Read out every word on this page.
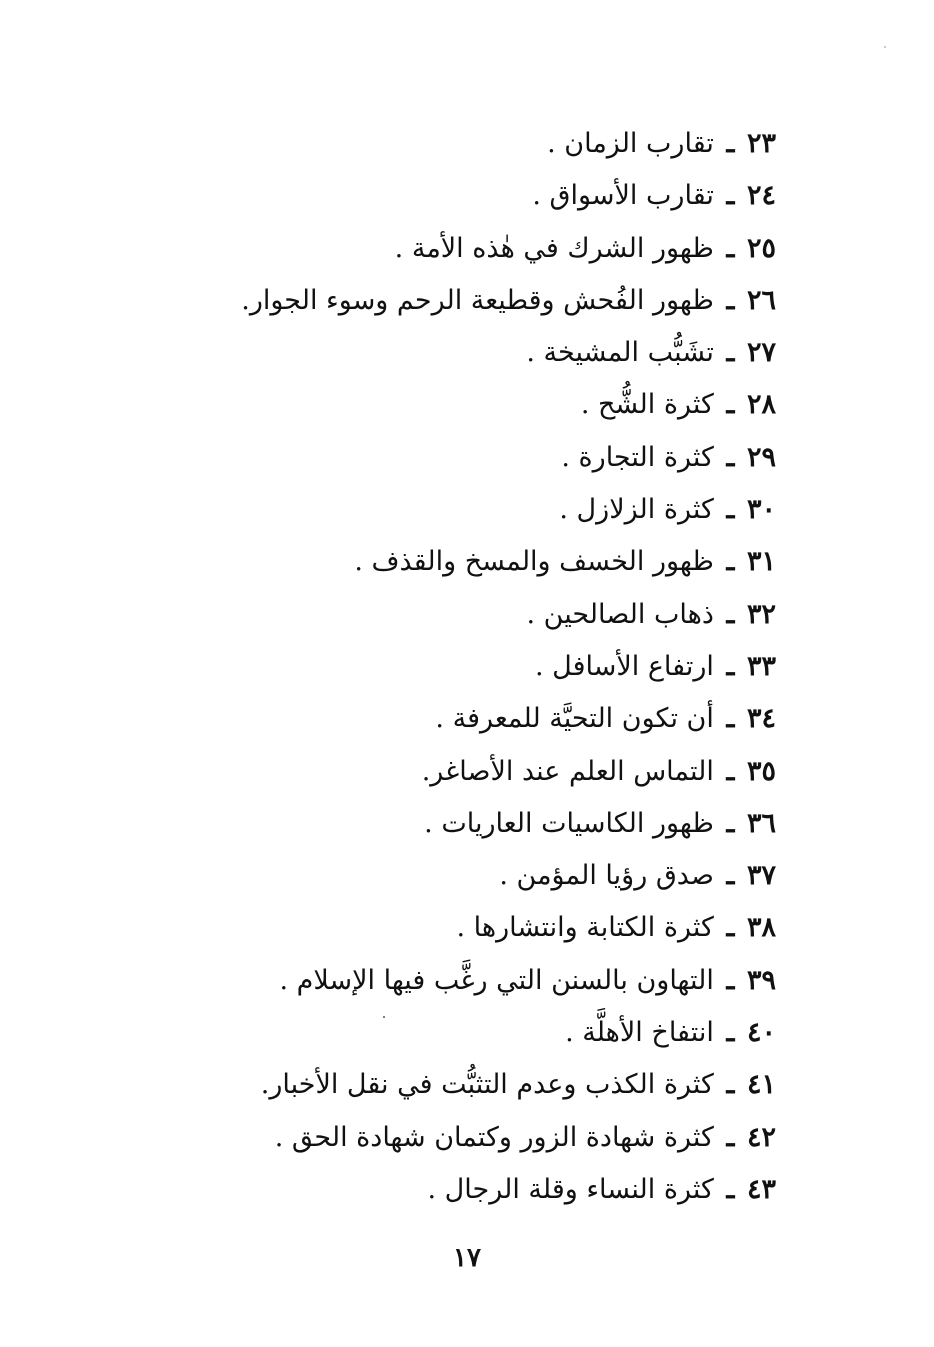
٢٣ ـ تقارب الزمان .
٢٤ ـ تقارب الأسواق .
٢٥ ـ ظهور الشرك في هٰذه الأمة .
٢٦ ـ ظهور الفُحش وقطيعة الرحم وسوء الجوار.
٢٧ ـ تشَبُّب المشيخة .
٢٨ ـ كثرة الشُّح .
٢٩ ـ كثرة التجارة .
٣٠ ـ كثرة الزلازل .
٣١ ـ ظهور الخسف والمسخ والقذف .
٣٢ ـ ذهاب الصالحين .
٣٣ ـ ارتفاع الأسافل .
٣٤ ـ أن تكون التحيَّة للمعرفة .
٣٥ ـ التماس العلم عند الأصاغر.
٣٦ ـ ظهور الكاسيات العاريات .
٣٧ ـ صدق رؤيا المؤمن .
٣٨ ـ كثرة الكتابة وانتشارها .
٣٩ ـ التهاون بالسنن التي رغَّب فيها الإسلام .
٤٠ ـ انتفاخ الأهلَّة .
٤١ ـ كثرة الكذب وعدم التثبُّت في نقل الأخبار.
٤٢ ـ كثرة شهادة الزور وكتمان شهادة الحق .
٤٣ ـ كثرة النساء وقلة الرجال .
١٧
